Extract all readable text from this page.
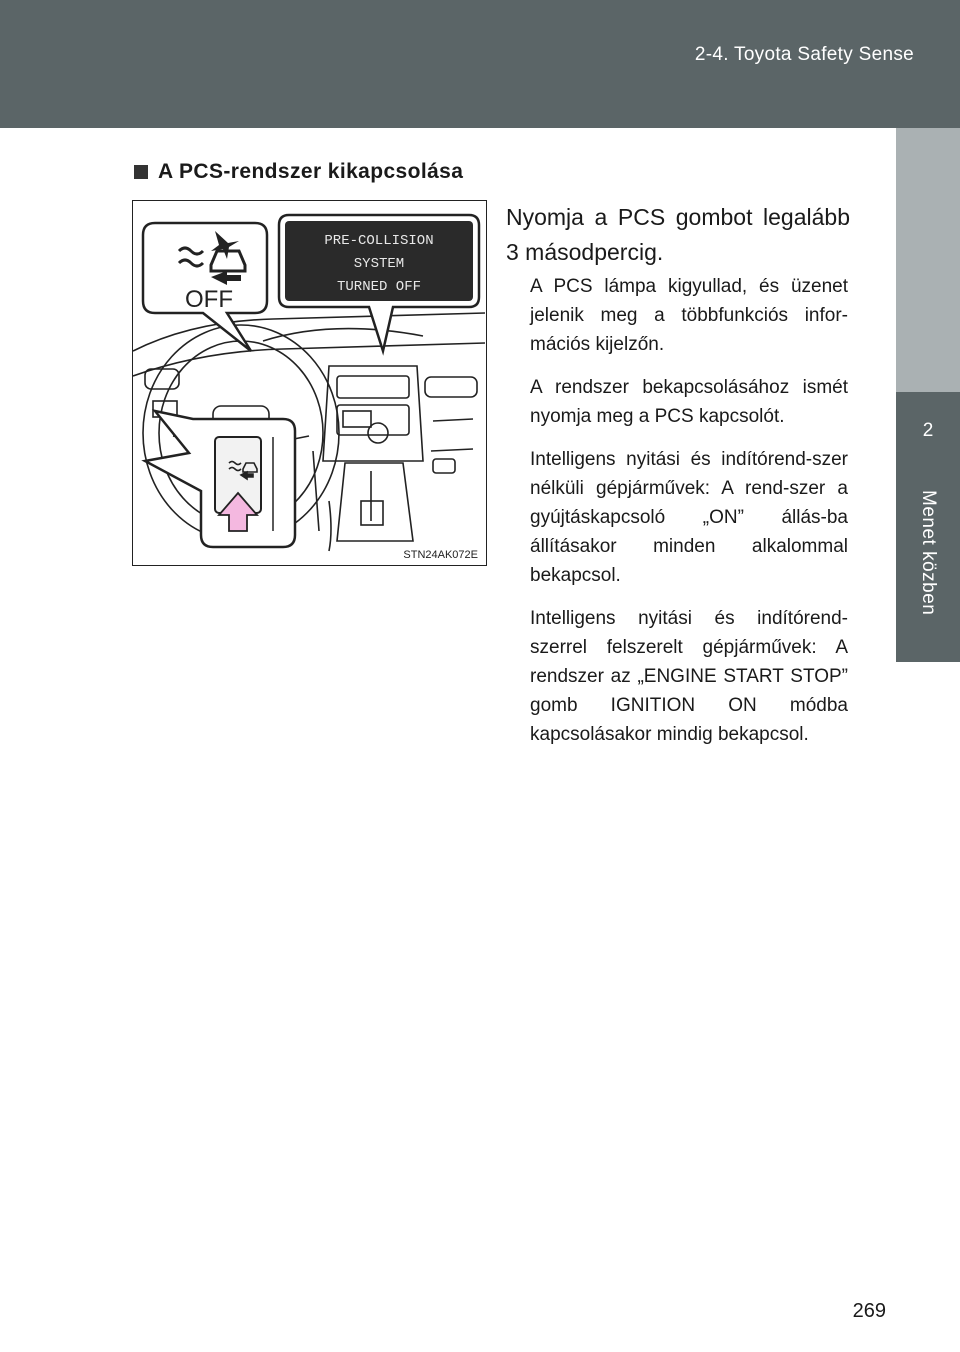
2-4. Toyota Safety Sense
2
Menet közben
A PCS-rendszer kikapcsolása
OFF
PRE-COLLISION
SYSTEM
TURNED OFF
STN24AK072E
Nyomja a PCS gombot legalább 3 másodpercig.

A PCS lámpa kigyullad, és üzenet jelenik meg a többfunkciós infor-mációs kijelzőn.

A rendszer bekapcsolásához ismét nyomja meg a PCS kapcsolót.

Intelligens nyitási és indítórend-szer nélküli gépjárművek: A rend-szer a gyújtáskapcsoló „ON” állás-ba állításakor minden alkalommal bekapcsol.

Intelligens nyitási és indítórend-szerrel felszerelt gépjárművek: A rendszer az „ENGINE START STOP” gomb IGNITION ON módba kapcsolásakor mindig bekapcsol.

269
